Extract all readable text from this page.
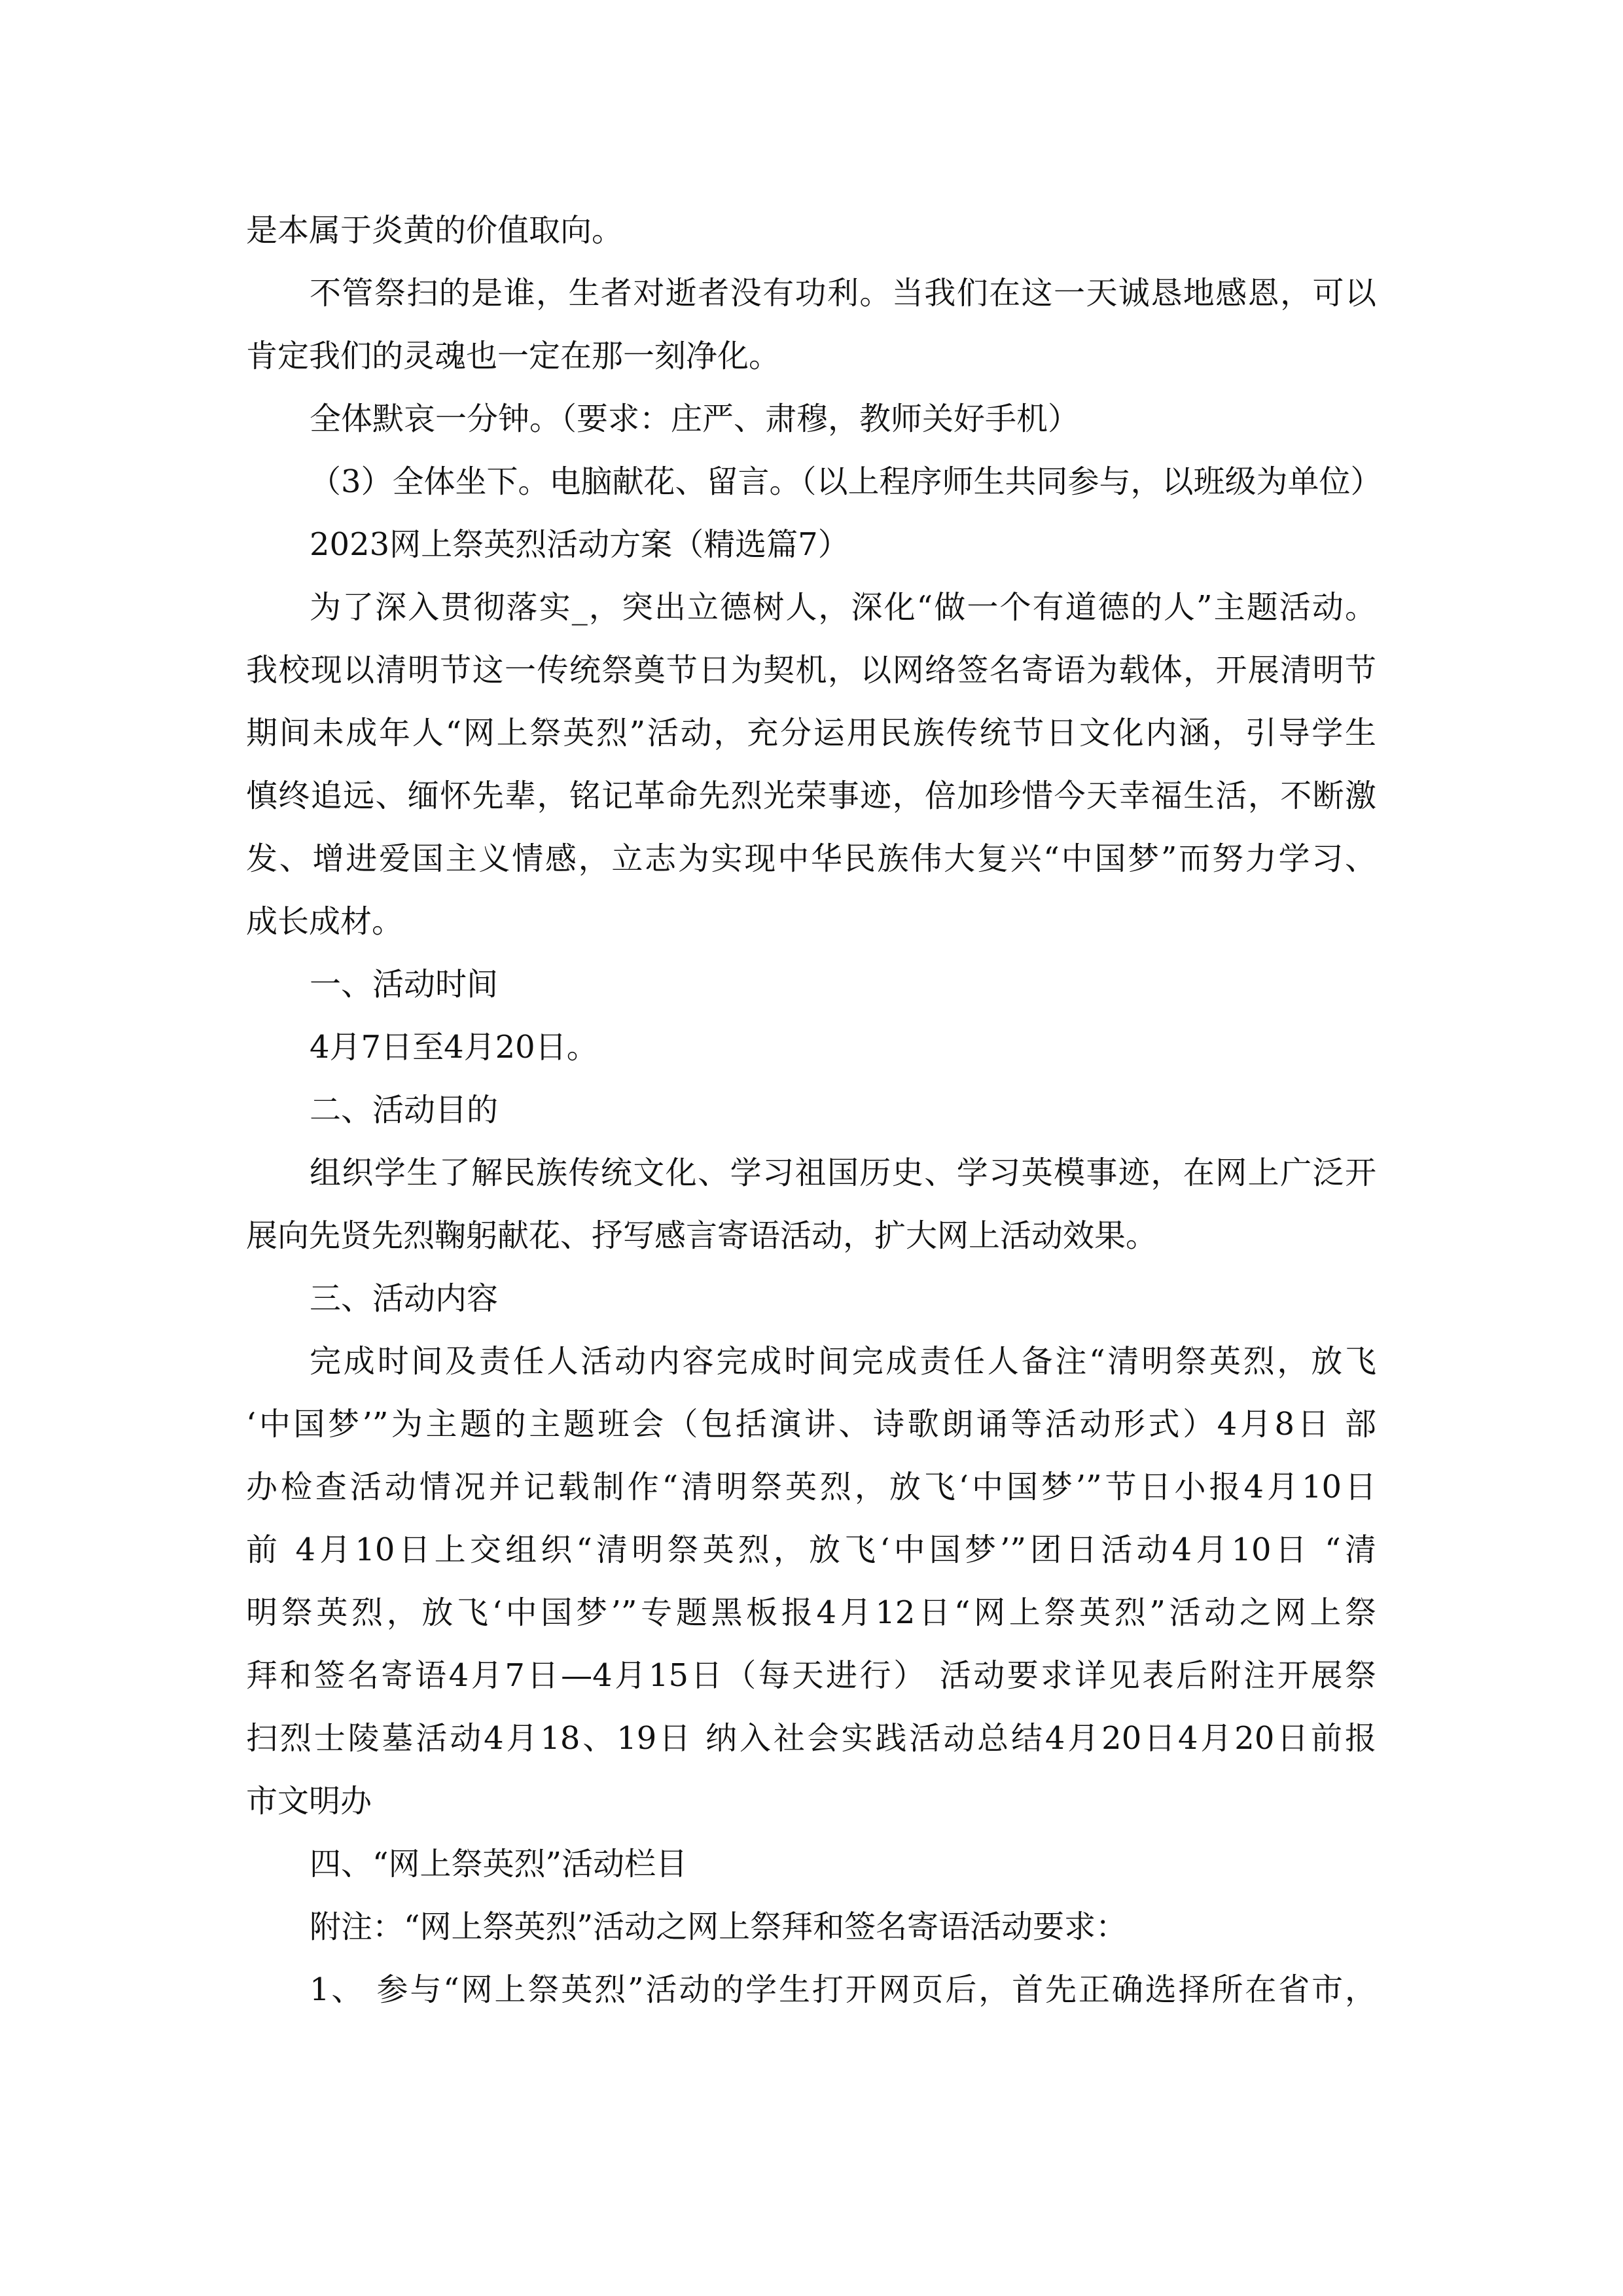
是本属于炎黄的价值取向。
不管祭扫的是谁，生者对逝者没有功利。当我们在这一天诚恳地感恩，可以
肯定我们的灵魂也一定在那一刻净化。
全体默哀一分钟。（要求：庄严、肃穆，教师关好手机）
（3）全体坐下。电脑献花、留言。（以上程序师生共同参与，以班级为单位）
2023网上祭英烈活动方案（精选篇7）
为了深入贯彻落实_，突出立德树人，深化“做一个有道德的人”主题活动。
我校现以清明节这一传统祭奠节日为契机，以网络签名寄语为载体，开展清明节
期间未成年人“网上祭英烈”活动，充分运用民族传统节日文化内涵，引导学生
慎终追远、缅怀先辈，铭记革命先烈光荣事迹，倍加珍惜今天幸福生活，不断激
发、增进爱国主义情感，立志为实现中华民族伟大复兴“中国梦”而努力学习、
成长成材。
一、活动时间
4月7日至4月20日。
二、活动目的
组织学生了解民族传统文化、学习祖国历史、学习英模事迹，在网上广泛开
展向先贤先烈鞠躬献花、抒写感言寄语活动，扩大网上活动效果。
三、活动内容
完成时间及责任人活动内容完成时间完成责任人备注“清明祭英烈，放飞
‘中国梦’”为主题的主题班会（包括演讲、诗歌朗诵等活动形式）4月8日 部
办检查活动情况并记载制作“清明祭英烈，放飞‘中国梦’”节日小报4月10日
前 4月10日上交组织“清明祭英烈，放飞‘中国梦’”团日活动4月10日 “清
明祭英烈，放飞‘中国梦’”专题黑板报4月12日“网上祭英烈”活动之网上祭
拜和签名寄语4月7日—4月15日（每天进行） 活动要求详见表后附注开展祭
扫烈士陵墓活动4月18、19日 纳入社会实践活动总结4月20日4月20日前报
市文明办
四、“网上祭英烈”活动栏目
附注：“网上祭英烈”活动之网上祭拜和签名寄语活动要求：
1、 参与“网上祭英烈”活动的学生打开网页后，首先正确选择所在省市，
